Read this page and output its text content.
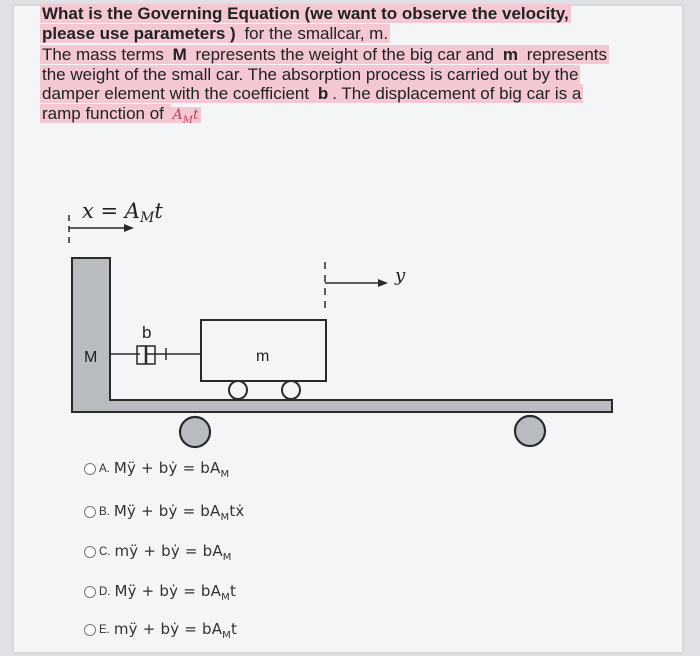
What is the Governing Equation (we want to observe the velocity, please use parameters ) for the smallcar, m.

The mass terms M represents the weight of the big car and m represents the weight of the small car. The absorption process is carried out by the damper element with the coefficient b . The displacement of big car is a ramp function of $A_Mt$

x = AMt
y
M
b
m
A. Mÿ + bẏ = $bA_M$
B. Mÿ + bẏ = $bA_Mtẋ$
C. mÿ + bẏ = $bA_M$
D. Mÿ + bẏ = $bA_Mt$
E. mÿ + bẏ = $bA_Mt$
